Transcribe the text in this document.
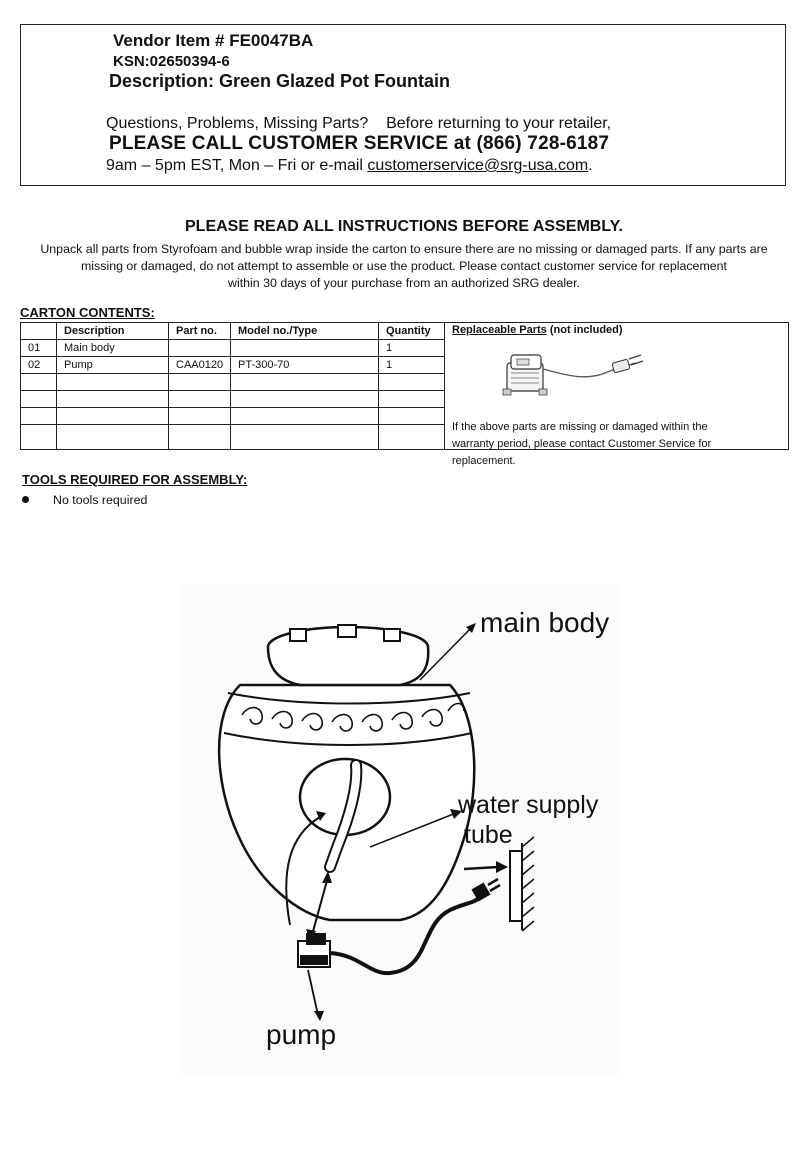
Vendor Item # FE0047BA
KSN:02650394-6
Description: Green Glazed Pot Fountain
Questions, Problems, Missing Parts?    Before returning to your retailer,
PLEASE CALL CUSTOMER SERVICE at (866) 728-6187
9am – 5pm EST, Mon – Fri or e-mail customerservice@srg-usa.com.
PLEASE READ ALL INSTRUCTIONS BEFORE ASSEMBLY.
Unpack all parts from Styrofoam and bubble wrap inside the carton to ensure there are no missing or damaged parts. If any parts are
missing or damaged, do not attempt to assemble or use the product. Please contact customer service for replacement
within 30 days of your purchase from an authorized SRG dealer.
CARTON CONTENTS:
	Description	Part no.	Model no./Type	Quantity	Replaceable Parts (not included)
If the above parts are missing or damaged within the warranty period, please contact Customer Service for replacement.

01	Main body			1	
02	Pump	CAA0120	PT-300-70	1	

TOOLS REQUIRED FOR ASSEMBLY:
No tools required
main body
water supply
tube
pump
